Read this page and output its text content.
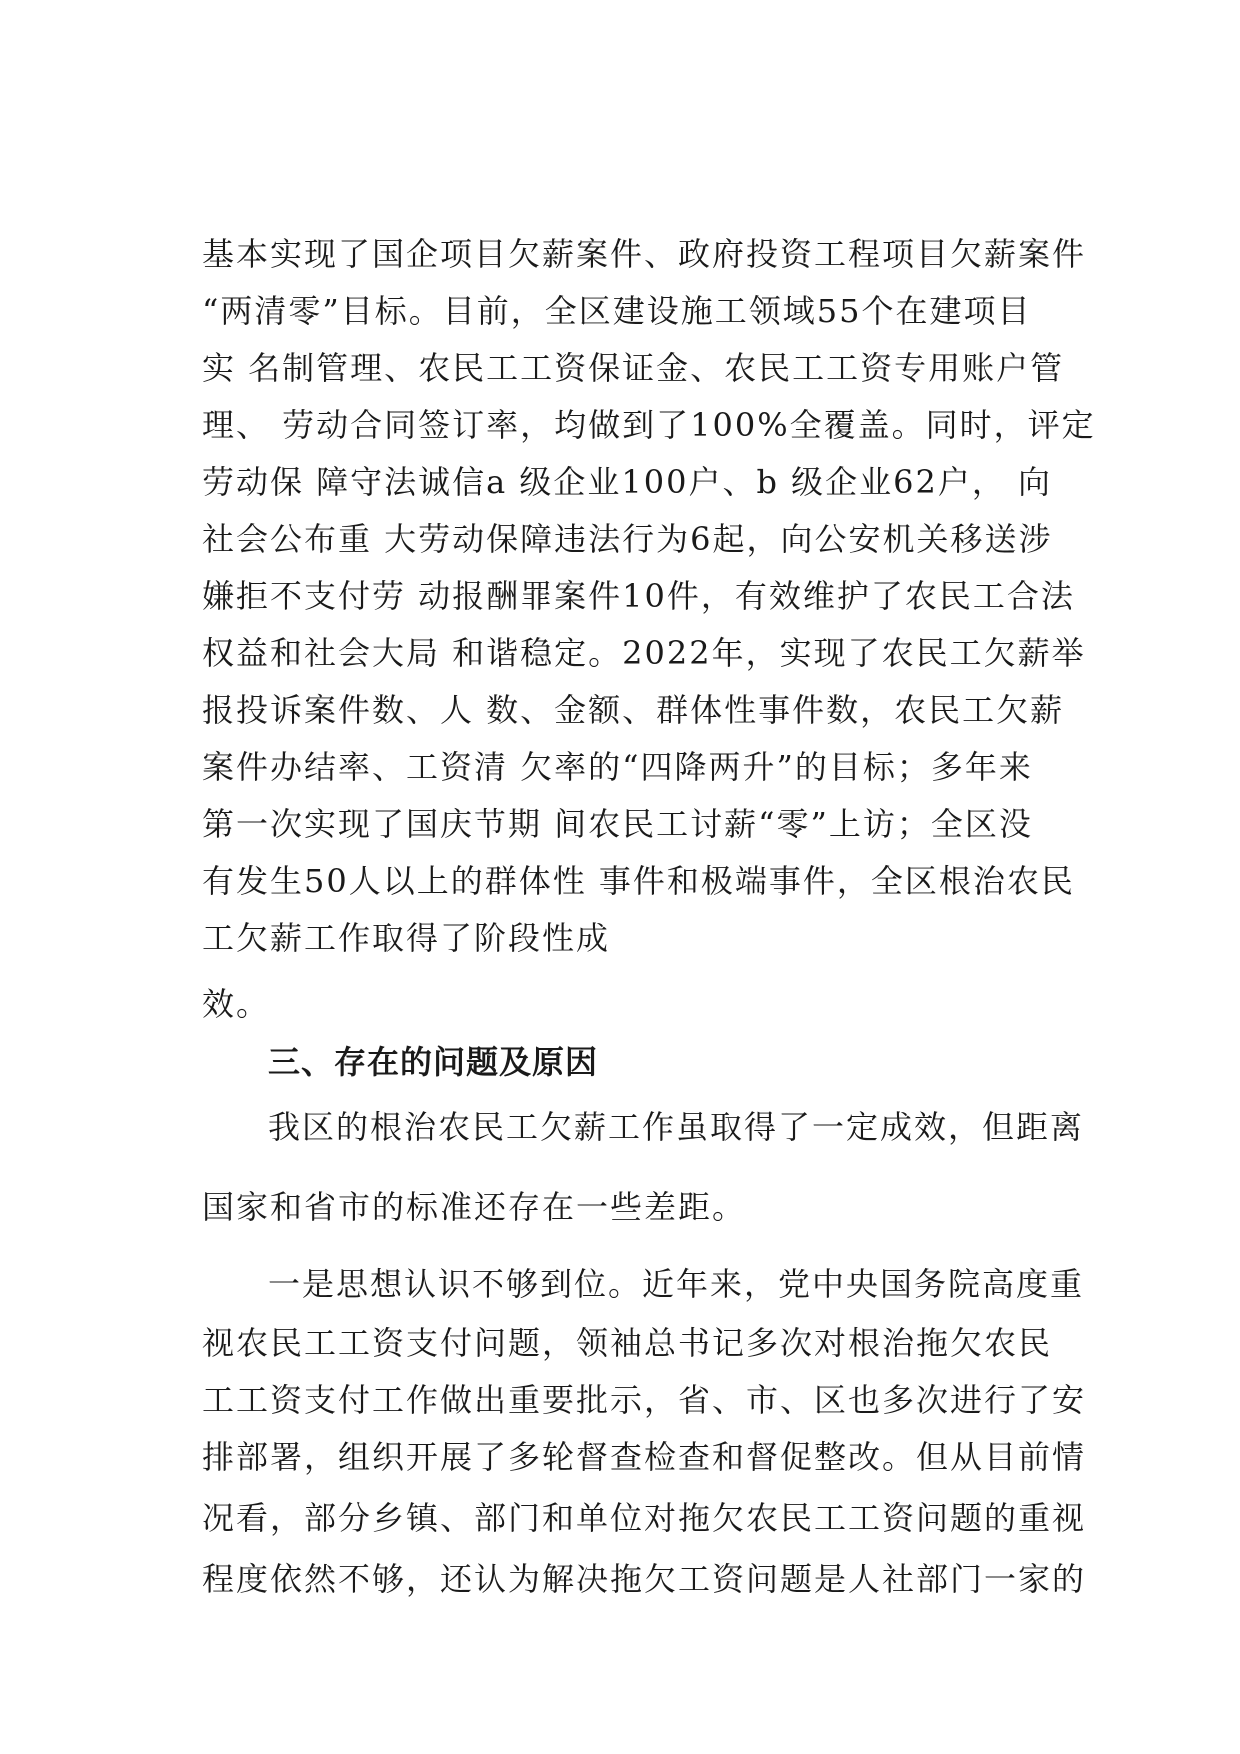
基本实现了国企项目欠薪案件、政府投资工程项目欠薪案件
“两清零”目标。目前，全区建设施工领域55个在建项目
实 名制管理、农民工工资保证金、农民工工资专用账户管
理、 劳动合同签订率，均做到了100%全覆盖。同时，评定
劳动保 障守法诚信a 级企业100户、b 级企业62户， 向
社会公布重 大劳动保障违法行为6起，向公安机关移送涉
嫌拒不支付劳 动报酬罪案件10件，有效维护了农民工合法
权益和社会大局 和谐稳定。2022年，实现了农民工欠薪举
报投诉案件数、人 数、金额、群体性事件数，农民工欠薪
案件办结率、工资清 欠率的“四降两升”的目标；多年来
第一次实现了国庆节期 间农民工讨薪“零”上访；全区没
有发生50人以上的群体性 事件和极端事件，全区根治农民
工欠薪工作取得了阶段性成
效。
三、存在的问题及原因
我区的根治农民工欠薪工作虽取得了一定成效，但距离
国家和省市的标准还存在一些差距。
一是思想认识不够到位。近年来，党中央国务院高度重
视农民工工资支付问题，领袖总书记多次对根治拖欠农民
工工资支付工作做出重要批示，省、市、区也多次进行了安
排部署，组织开展了多轮督查检查和督促整改。但从目前情
况看，部分乡镇、部门和单位对拖欠农民工工资问题的重视
程度依然不够，还认为解决拖欠工资问题是人社部门一家的
